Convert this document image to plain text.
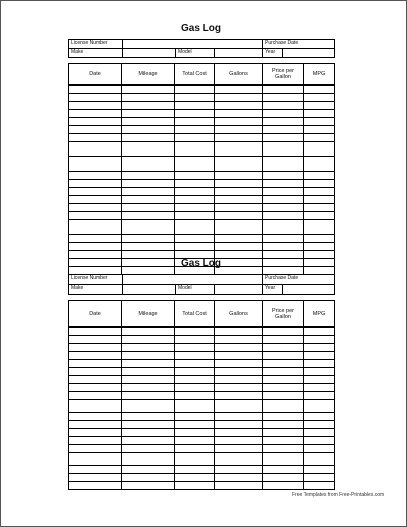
Gas Log
License Number				Purchase Date	
Make		Model		Year	
Date	Mileage	Total Cost	Gallons	Price per Gallon	MPG

Gas Log
License Number				Purchase Date	
Make		Model		Year	
Date	Mileage	Total Cost	Gallons	Price per Gallon	MPG

Free Templates from Free-Printables.com
